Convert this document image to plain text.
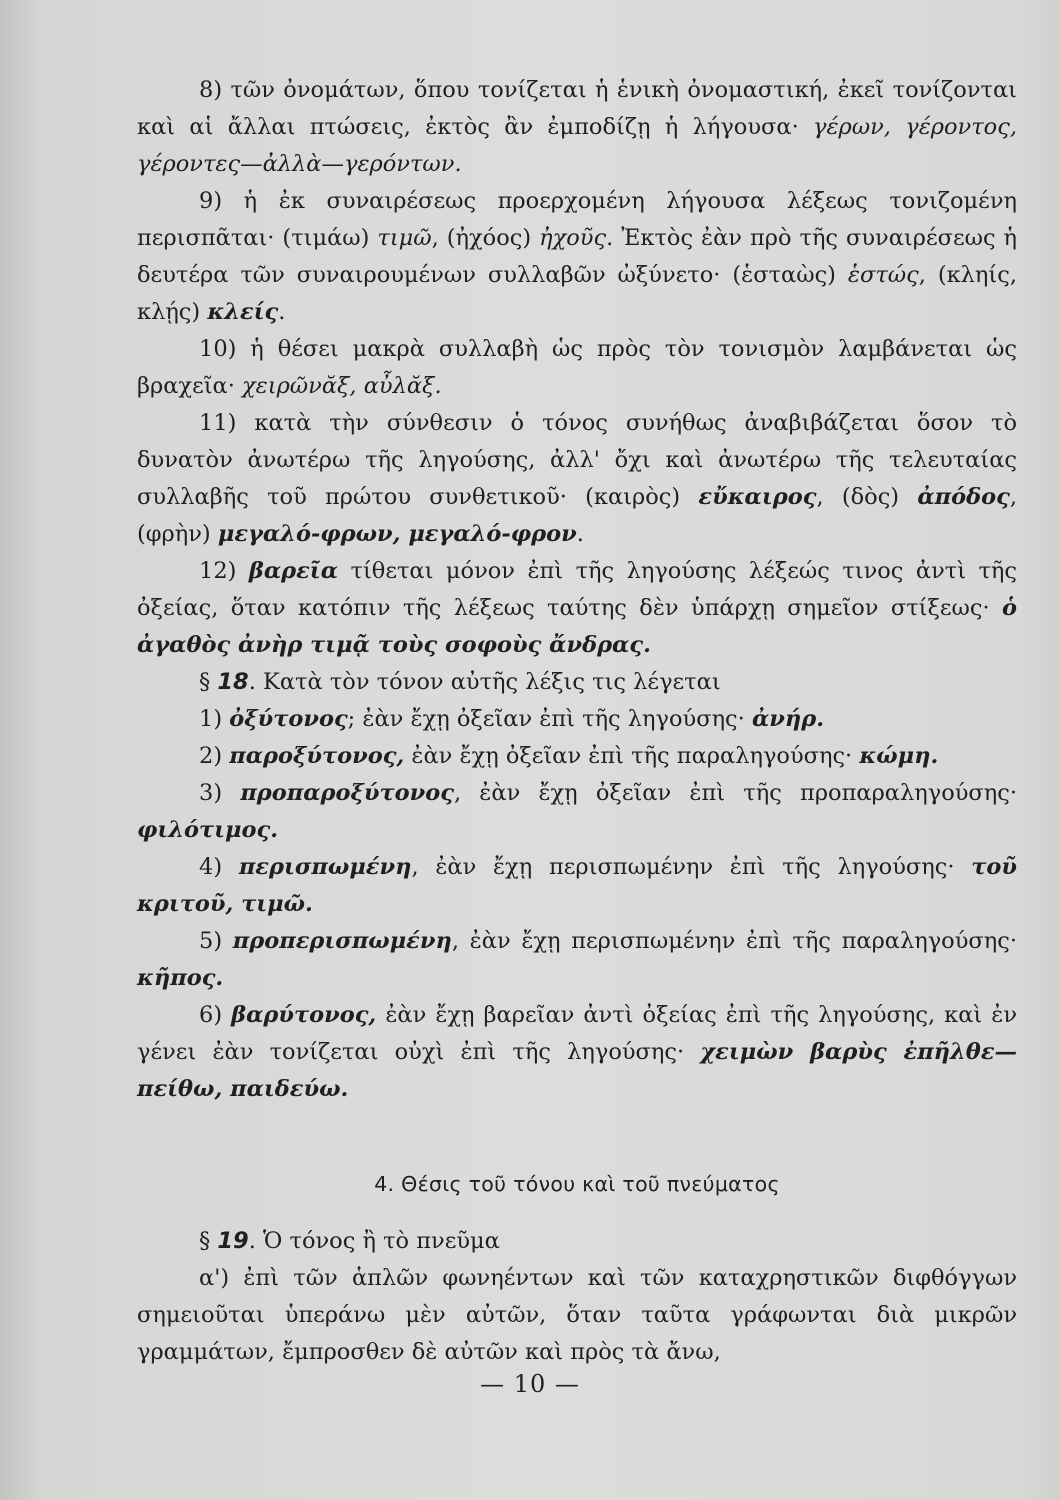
8) τῶν ὀνομάτων, ὅπου τονίζεται ἡ ἑνικὴ ὀνομαστική, ἐκεῖ τονίζονται καὶ αἱ ἄλλαι πτώσεις, ἐκτὸς ἂν ἐμποδίζῃ ἡ λήγουσα· γέρων, γέροντος, γέροντες—ἀλλὰ—γερόντων.

9) ἡ ἐκ συναιρέσεως προερχομένη λήγουσα λέξεως τονιζομένη περισπᾶται· (τιμάω) τιμῶ, (ἠχόος) ἠχοῦς. Ἐκτὸς ἐὰν πρὸ τῆς συναιρέσεως ἡ δευτέρα τῶν συναιρουμένων συλλαβῶν ὠξύνετο· (ἑσταὼς) ἑστώς, (κληίς, κλῄς) κλείς.

10) ἡ θέσει μακρὰ συλλαβὴ ὡς πρὸς τὸν τονισμὸν λαμβάνεται ὡς βραχεῖα· χειρῶνᾰξ, αὖλᾰξ.

11) κατὰ τὴν σύνθεσιν ὁ τόνος συνήθως ἀναβιβάζεται ὅσον τὸ δυνατὸν ἀνωτέρω τῆς ληγούσης, ἀλλ' ὄχι καὶ ἀνωτέρω τῆς τελευταίας συλλαβῆς τοῦ πρώτου συνθετικοῦ· (καιρὸς) εὔκαιρος, (δὸς) ἀπόδος, (φρὴν) μεγαλό-φρων, μεγαλό-φρον.

12) βαρεῖα τίθεται μόνον ἐπὶ τῆς ληγούσης λέξεώς τινος ἀντὶ τῆς ὀξείας, ὅταν κατόπιν τῆς λέξεως ταύτης δὲν ὑπάρχῃ σημεῖον στίξεως· ὁ ἀγαθὸς ἀνὴρ τιμᾷ τοὺς σοφοὺς ἄνδρας.

§ 18. Κατὰ τὸν τόνον αὐτῆς λέξις τις λέγεται

1) ὀξύτονος; ἐὰν ἔχῃ ὀξεῖαν ἐπὶ τῆς ληγούσης· ἀνήρ.

2) παροξύτονος, ἐὰν ἔχῃ ὀξεῖαν ἐπὶ τῆς παραληγούσης· κώμη.

3) προπαροξύτονος, ἐὰν ἔχῃ ὀξεῖαν ἐπὶ τῆς προπαραληγούσης· φιλότιμος.

4) περισπωμένη, ἐὰν ἔχῃ περισπωμένην ἐπὶ τῆς ληγούσης· τοῦ κριτοῦ, τιμῶ.

5) προπερισπωμένη, ἐὰν ἔχῃ περισπωμένην ἐπὶ τῆς παραληγούσης· κῆπος.

6) βαρύτονος, ἐὰν ἔχῃ βαρεῖαν ἀντὶ ὀξείας ἐπὶ τῆς ληγούσης, καὶ ἐν γένει ἐὰν τονίζεται οὐχὶ ἐπὶ τῆς ληγούσης· χειμὼν βαρὺς ἐπῆλθε—πείθω, παιδεύω.

4. Θέσις τοῦ τόνου καὶ τοῦ πνεύματος

§ 19. Ὁ τόνος ἢ τὸ πνεῦμα

α') ἐπὶ τῶν ἁπλῶν φωνηέντων καὶ τῶν καταχρηστικῶν διφθόγγων σημειοῦται ὑπεράνω μὲν αὐτῶν, ὅταν ταῦτα γράφωνται διὰ μικρῶν γραμμάτων, ἔμπροσθεν δὲ αὐτῶν καὶ πρὸς τὰ ἄνω,

— 10 —
